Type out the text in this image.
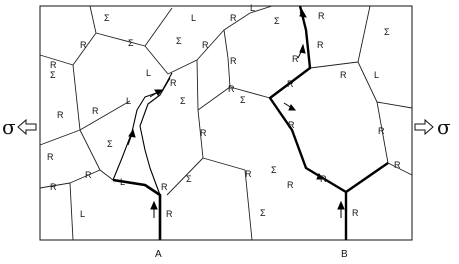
Σ	L	R
L
R
R	Σ	Σ R
Σ
R
Σ
R
Σ
R
R
L
R
R
R	L
R	R
L	Σ	Σ
R
R
R
R
Σ
R
R	Σ
L	R
Σ
R
R
R
R
R
L	R	Σ	R
σ	σ
A	B
